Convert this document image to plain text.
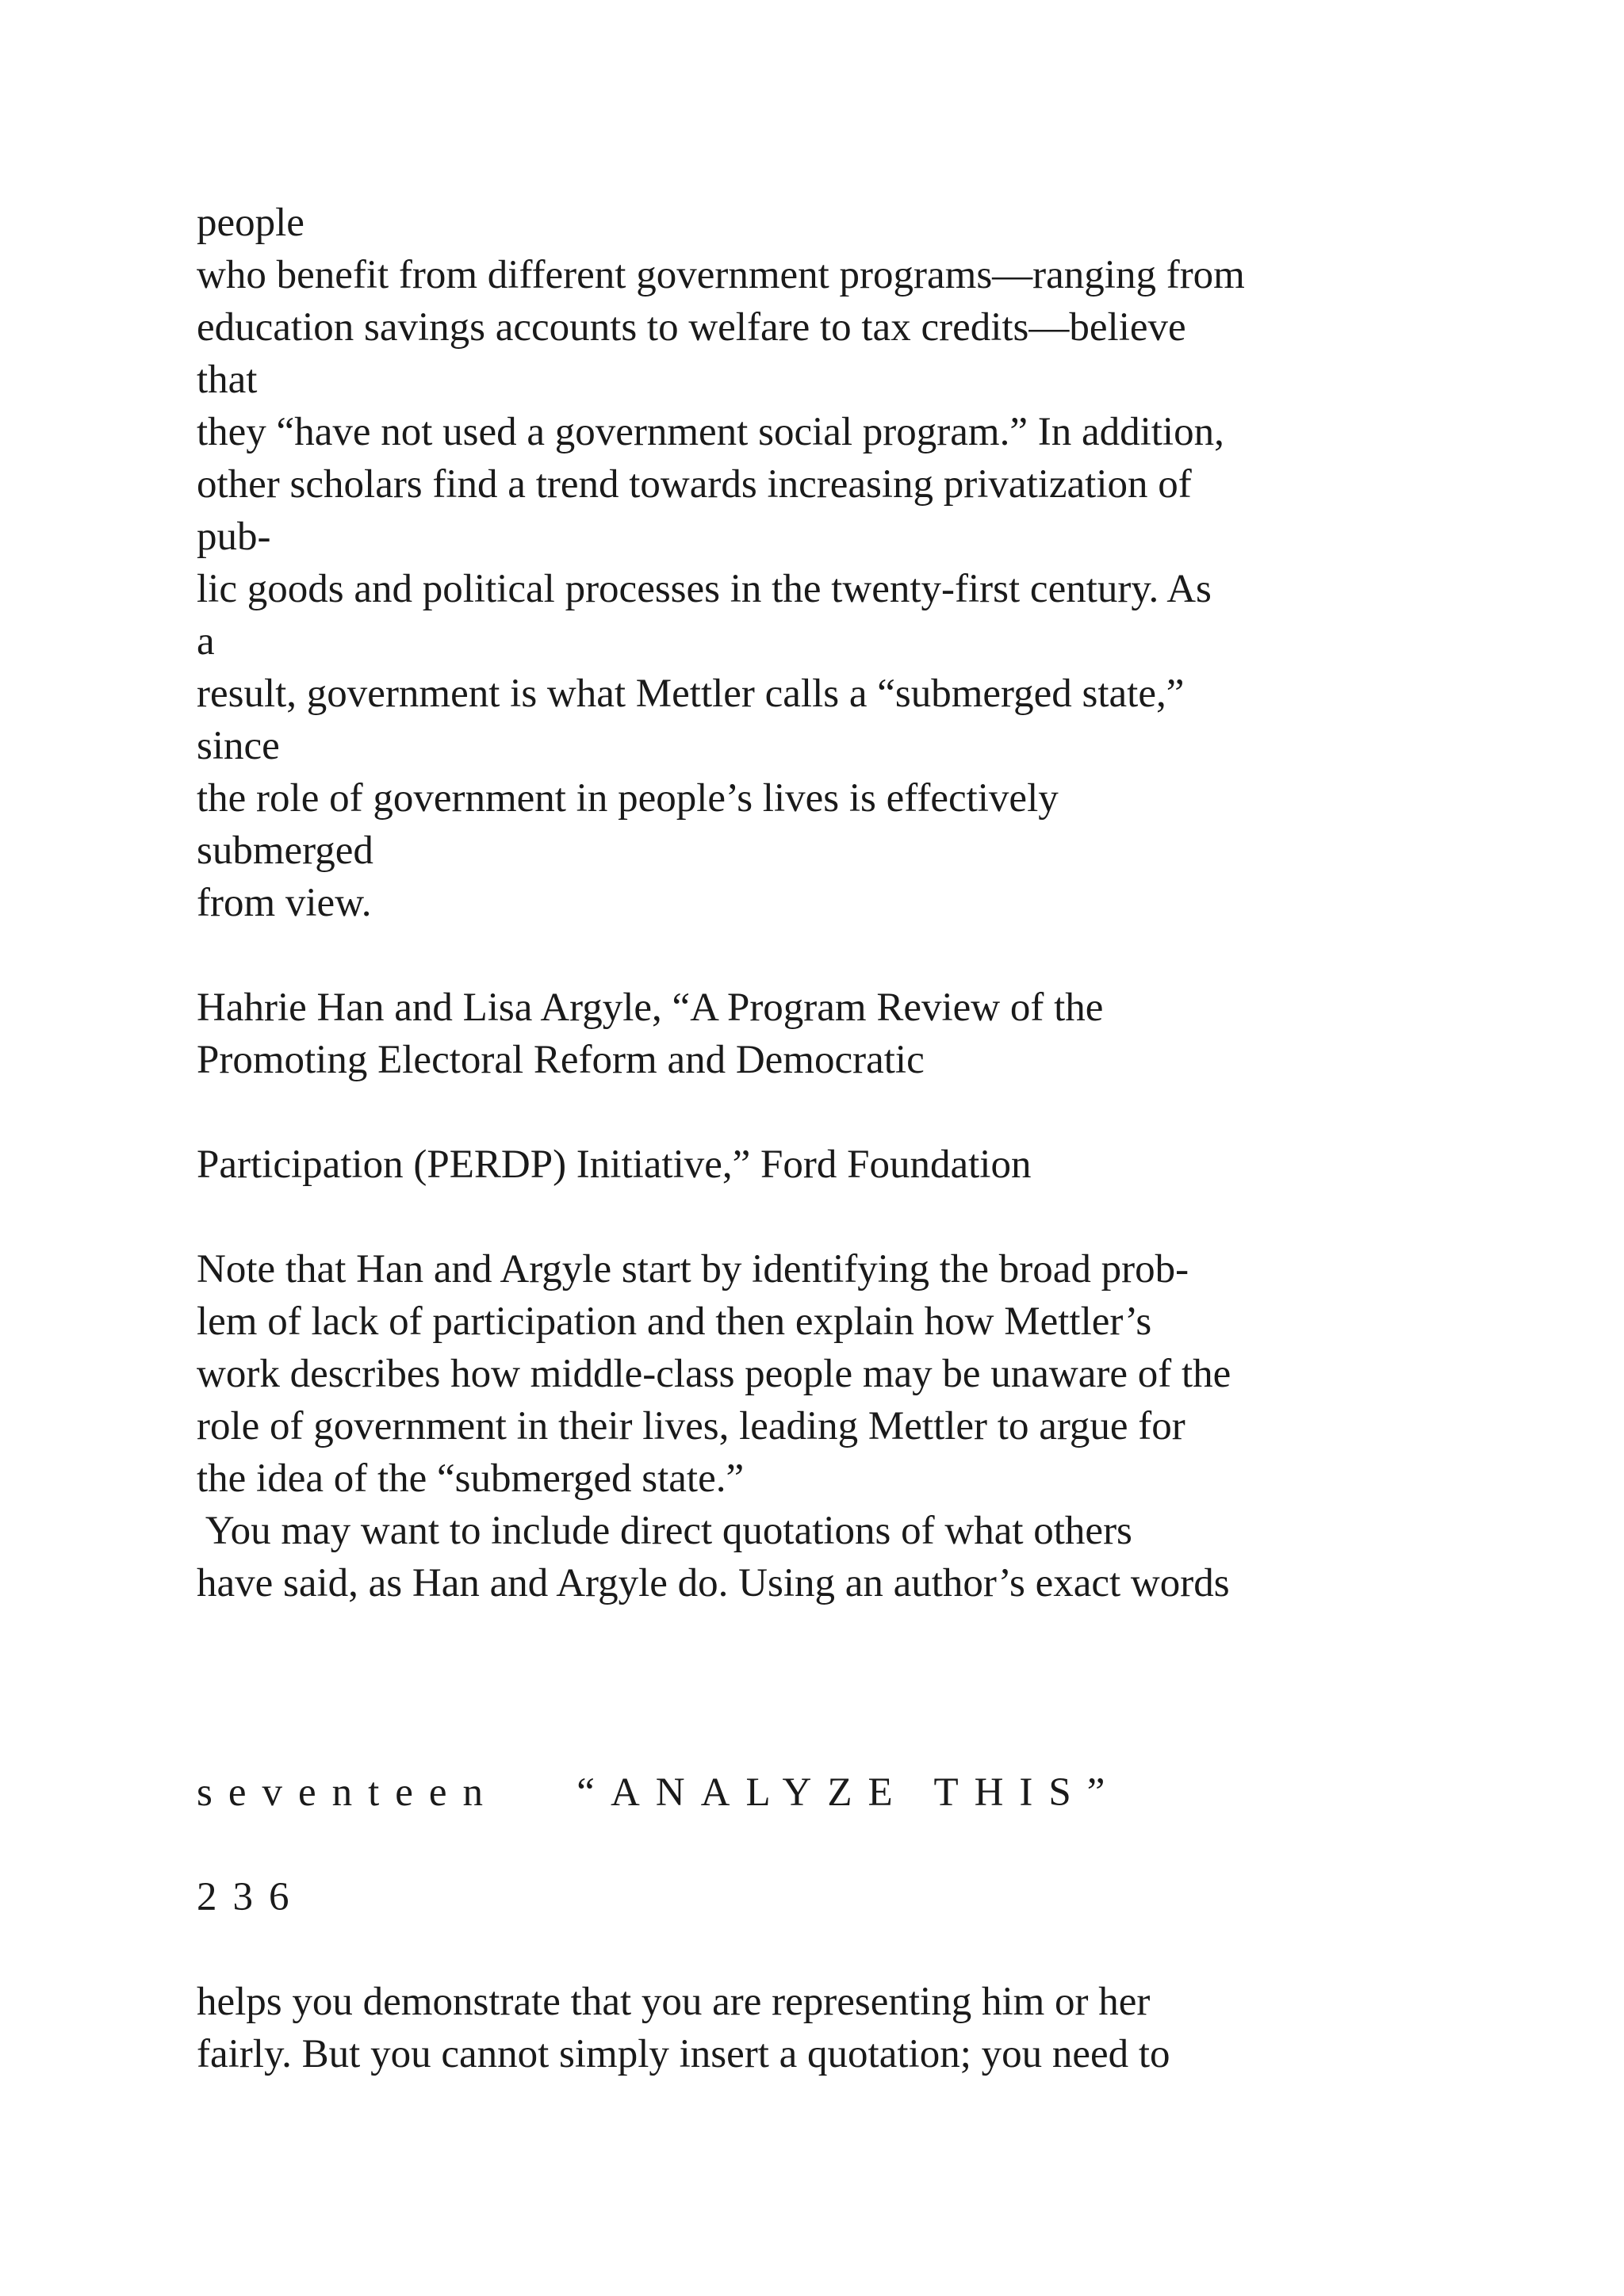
people
who benefit from different government programs—ranging from
education savings accounts to welfare to tax credits—believe
that
they “have not used a government social program.” In addition,
other scholars find a trend towards increasing privatization of
pub-
lic goods and political processes in the twenty-first century. As
a
result, government is what Mettler calls a “submerged state,”
since
the role of government in people’s lives is effectively
submerged
from view.
Hahrie Han and Lisa Argyle, “A Program Review of the
Promoting Electoral Reform and Democratic
Participation (PERDP) Initiative,” Ford Foundation
Note that Han and Argyle start by identifying the broad prob-
lem of lack of participation and then explain how Mettler’s
work describes how middle-class people may be unaware of the
role of government in their lives, leading Mettler to argue for
the idea of the “submerged state.”
You may want to include direct quotations of what others
have said, as Han and Argyle do. Using an author’s exact words
seventeen   “ANALYZE THIS”
236
helps you demonstrate that you are representing him or her
fairly. But you cannot simply insert a quotation; you need to
